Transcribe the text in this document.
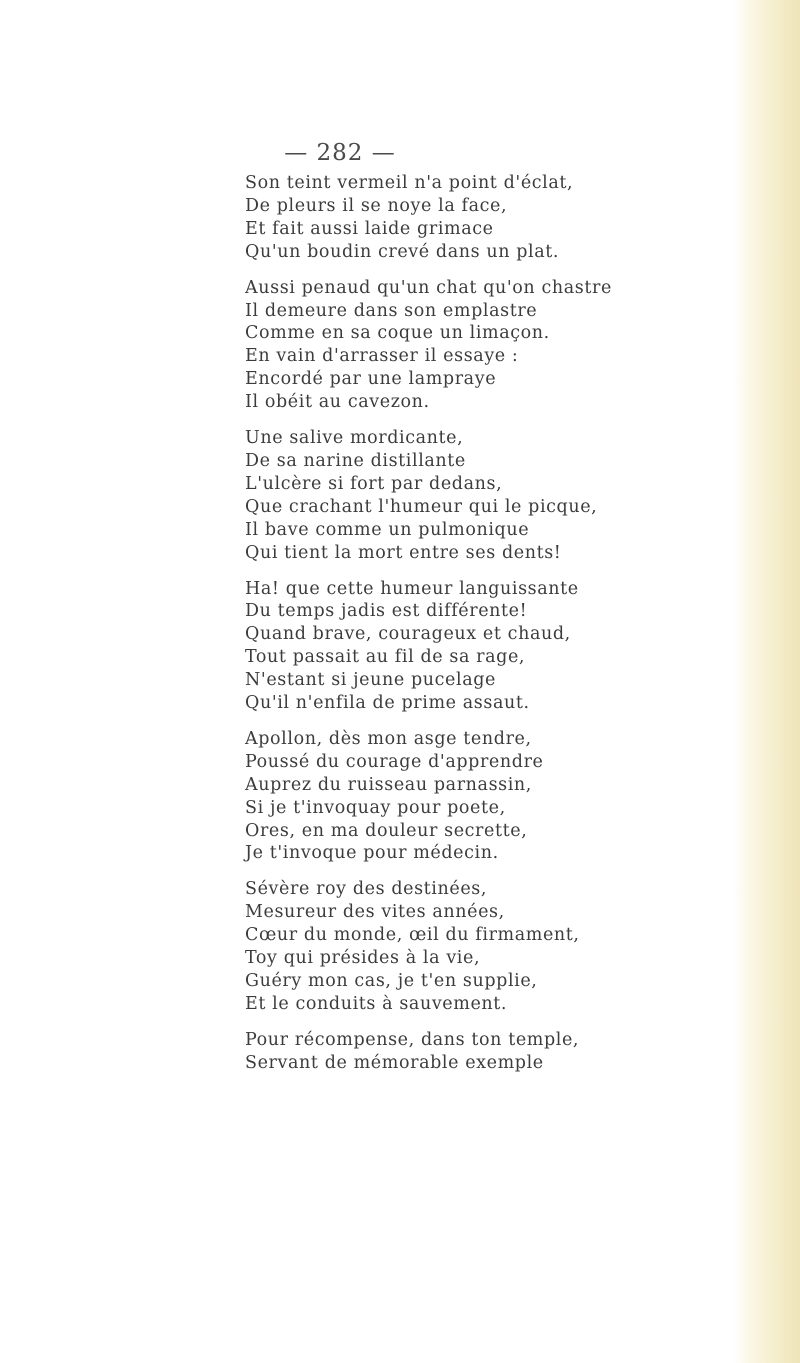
— 282 —
Son teint vermeil n'a point d'éclat,
De pleurs il se noye la face,
Et fait aussi laide grimace
Qu'un boudin crevé dans un plat.
Aussi penaud qu'un chat qu'on chastre
Il demeure dans son emplastre
Comme en sa coque un limaçon.
En vain d'arrasser il essaye :
Encordé par une lampraye
Il obéit au cavezon.
Une salive mordicante,
De sa narine distillante
L'ulcère si fort par dedans,
Que crachant l'humeur qui le picque,
Il bave comme un pulmonique
Qui tient la mort entre ses dents!
Ha! que cette humeur languissante
Du temps jadis est différente!
Quand brave, courageux et chaud,
Tout passait au fil de sa rage,
N'estant si jeune pucelage
Qu'il n'enfila de prime assaut.
Apollon, dès mon asge tendre,
Poussé du courage d'apprendre
Auprez du ruisseau parnassin,
Si je t'invoquay pour poete,
Ores, en ma douleur secrette,
Je t'invoque pour médecin.
Sévère roy des destinées,
Mesureur des vites années,
Cœur du monde, œil du firmament,
Toy qui présides à la vie,
Guéry mon cas, je t'en supplie,
Et le conduits à sauvement.
Pour récompense, dans ton temple,
Servant de mémorable exemple
